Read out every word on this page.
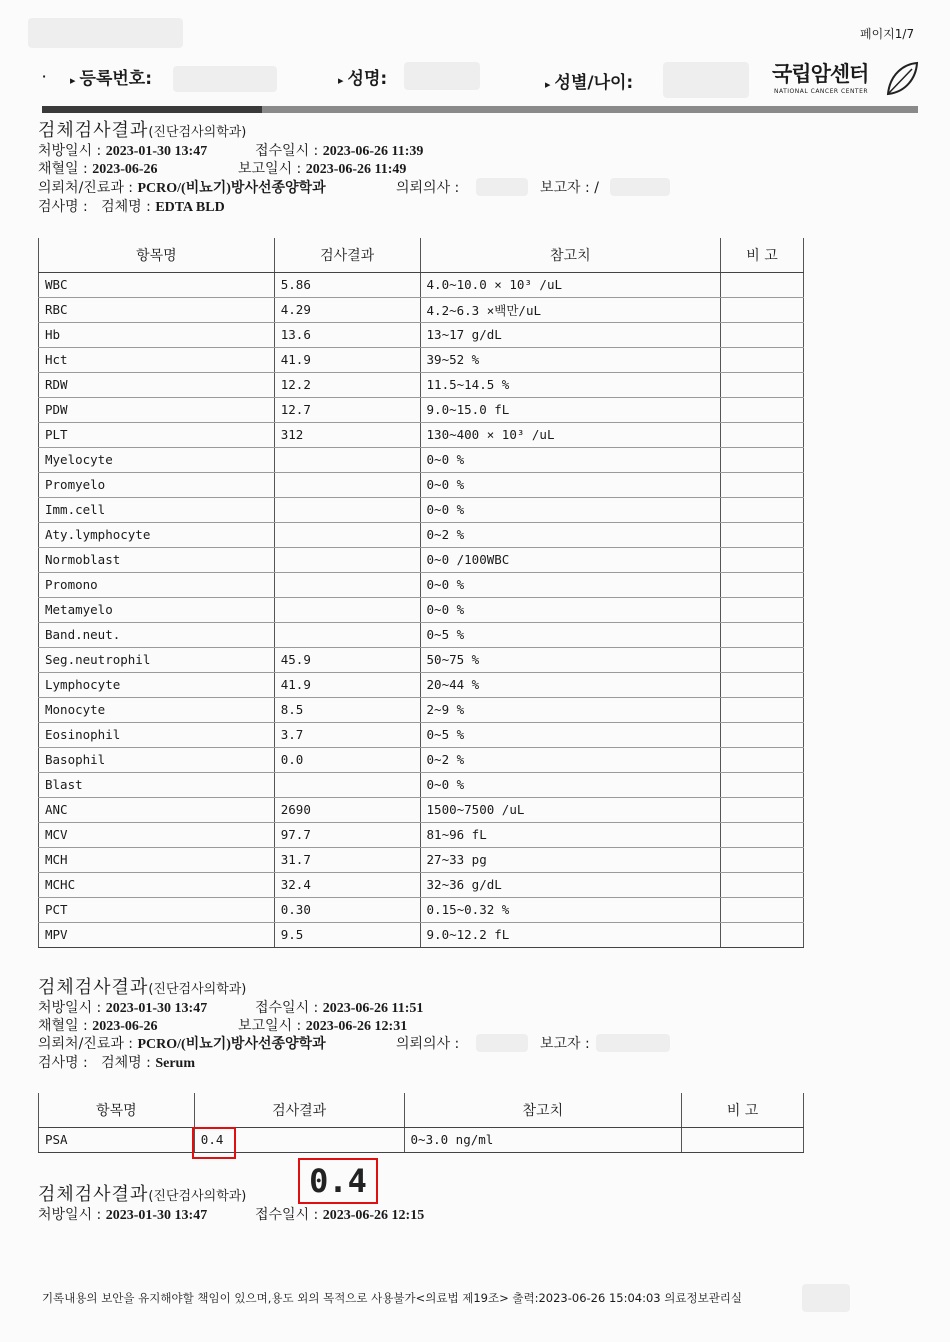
페이지1/7
· ▸ 등록번호:	▸ 성명:	▸ 성별/나이:	국립암센터
NATIONAL CANCER CENTER
검체검사결과(진단검사의학과)
처방일시 : 2023-01-30 13:47	접수일시 : 2023-06-26 11:39
채혈일 : 2023-06-26	보고일시 : 2023-06-26 11:49
의뢰처/진료과 : PCRO/(비뇨기)방사선종양학과	의뢰의사 :	보고자 : /
검사명 : 검체명 : EDTA BLD
항목명	검사결과	참고치	비 고
WBC	5.86	4.0~10.0 × 10³ /uL	
RBC	4.29	4.2~6.3 ×백만/uL	
Hb	13.6	13~17 g/dL	
Hct	41.9	39~52 %	
RDW	12.2	11.5~14.5 %	
PDW	12.7	9.0~15.0 fL	
PLT	312	130~400 × 10³ /uL	
Myelocyte		0~0 %	
Promyelo		0~0 %	
Imm.cell		0~0 %	
Aty.lymphocyte		0~2 %	
Normoblast		0~0 /100WBC	
Promono		0~0 %	
Metamyelo		0~0 %	
Band.neut.		0~5 %	
Seg.neutrophil	45.9	50~75 %	
Lymphocyte	41.9	20~44 %	
Monocyte	8.5	2~9 %	
Eosinophil	3.7	0~5 %	
Basophil	0.0	0~2 %	
Blast		0~0 %	
ANC	2690	1500~7500 /uL	
MCV	97.7	81~96 fL	
MCH	31.7	27~33 pg	
MCHC	32.4	32~36 g/dL	
PCT	0.30	0.15~0.32 %	
MPV	9.5	9.0~12.2 fL	
검체검사결과(진단검사의학과)
처방일시 : 2023-01-30 13:47	접수일시 : 2023-06-26 11:51
채혈일 : 2023-06-26	보고일시 : 2023-06-26 12:31
의뢰처/진료과 : PCRO/(비뇨기)방사선종양학과	의뢰의사 :	보고자 :
검사명 : 검체명 : Serum
항목명	검사결과	참고치	비 고
PSA	0.4	0~3.0 ng/ml	
0.4
검체검사결과(진단검사의학과)
처방일시 : 2023-01-30 13:47	접수일시 : 2023-06-26 12:15
기록내용의 보안을 유지해야할 책임이 있으며,용도 외의 목적으로 사용불가<의료법 제19조> 출력:2023-06-26 15:04:03 의료정보관리실
